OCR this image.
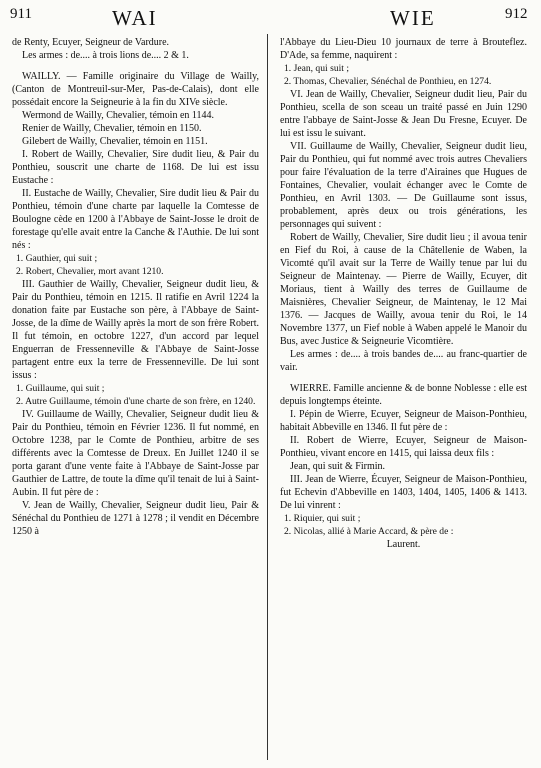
911	WAI	WIE	912

de Renty, Ecuyer, Seigneur de Vardure.

Les armes : de.... à trois lions de.... 2 & 1.

WAILLY. — Famille originaire du Village de Wailly, (Canton de Montreuil-sur-Mer, Pas-de-Calais), dont elle possédait encore la Seigneurie à la fin du XIVe siècle.

Wermond de Wailly, Chevalier, témoin en 1144.

Renier de Wailly, Chevalier, témoin en 1150.

Gilebert de Wailly, Chevalier, témoin en 1151.

I. Robert de Wailly, Chevalier, Sire dudit lieu, & Pair du Ponthieu, souscrit une charte de 1168. De lui est issu Eustache :

II. Eustache de Wailly, Chevalier, Sire dudit lieu & Pair du Ponthieu, témoin d'une charte par laquelle la Comtesse de Boulogne cède en 1200 à l'Abbaye de Saint-Josse le droit de forestage qu'elle avait entre la Canche & l'Authie. De lui sont nés :

1. Gauthier, qui suit ;

2. Robert, Chevalier, mort avant 1210.

III. Gauthier de Wailly, Chevalier, Seigneur dudit lieu, & Pair du Ponthieu, témoin en 1215. Il ratifie en Avril 1224 la donation faite par Eustache son père, à l'Abbaye de Saint-Josse, de la dîme de Wailly après la mort de son frère Robert. Il fut témoin, en octobre 1227, d'un accord par lequel Enguerran de Fressenneville & l'Abbaye de Saint-Josse partagent entre eux la terre de Fressenneville. De lui sont issus :

1. Guillaume, qui suit ;

2. Autre Guillaume, témoin d'une charte de son frère, en 1240.

IV. Guillaume de Wailly, Chevalier, Seigneur dudit lieu & Pair du Ponthieu, témoin en Février 1236. Il fut nommé, en Octobre 1238, par le Comte de Ponthieu, arbitre de ses différents avec la Comtesse de Dreux. En Juillet 1240 il se porta garant d'une vente faite à l'Abbaye de Saint-Josse par Gauthier de Lattre, de toute la dîme qu'il tenait de lui à Saint-Aubin. Il fut père de :

V. Jean de Wailly, Chevalier, Seigneur dudit lieu, Pair & Sénéchal du Ponthieu de 1271 à 1278 ; il vendit en Décembre 1250 à

l'Abbaye du Lieu-Dieu 10 journaux de terre à Brouteflez. D'Ade, sa femme, naquirent :

1. Jean, qui suit ;

2. Thomas, Chevalier, Sénéchal de Ponthieu, en 1274.

VI. Jean de Wailly, Chevalier, Seigneur dudit lieu, Pair du Ponthieu, scella de son sceau un traité passé en Juin 1290 entre l'abbaye de Saint-Josse & Jean Du Fresne, Ecuyer. De lui est issu le suivant.

VII. Guillaume de Wailly, Chevalier, Seigneur dudit lieu, Pair du Ponthieu, qui fut nommé avec trois autres Chevaliers pour faire l'évaluation de la terre d'Airaines que Hugues de Fontaines, Chevalier, voulait échanger avec le Comte de Ponthieu, en Avril 1303. — De Guillaume sont issus, probablement, après deux ou trois générations, les personnages qui suivent :

Robert de Wailly, Chevalier, Sire dudit lieu ; il avoua tenir en Fief du Roi, à cause de la Châtellenie de Waben, la Vicomté qu'il avait sur la Terre de Wailly tenue par lui du Seigneur de Maintenay. — Pierre de Wailly, Ecuyer, dit Moriaus, tient à Wailly des terres de Guillaume de Maisnières, Chevalier Seigneur, de Maintenay, le 12 Mai 1376. — Jacques de Wailly, avoua tenir du Roi, le 14 Novembre 1377, un Fief noble à Waben appelé le Manoir du Bus, avec Justice & Seigneurie Vicomtière.

Les armes : de.... à trois bandes de.... au franc-quartier de vair.

WIERRE. Famille ancienne & de bonne Noblesse : elle est depuis longtemps éteinte.

I. Pépin de Wierre, Ecuyer, Seigneur de Maison-Ponthieu, habitait Abbeville en 1346. Il fut père de :

II. Robert de Wierre, Ecuyer, Seigneur de Maison-Ponthieu, vivant encore en 1415, qui laissa deux fils :

Jean, qui suit & Firmin.

III. Jean de Wierre, Écuyer, Seigneur de Maison-Ponthieu, fut Echevin d'Abbeville en 1403, 1404, 1405, 1406 & 1413. De lui vinrent :

1. Riquier, qui suit ;

2. Nicolas, allié à Marie Accard, & père de :

Laurent.
